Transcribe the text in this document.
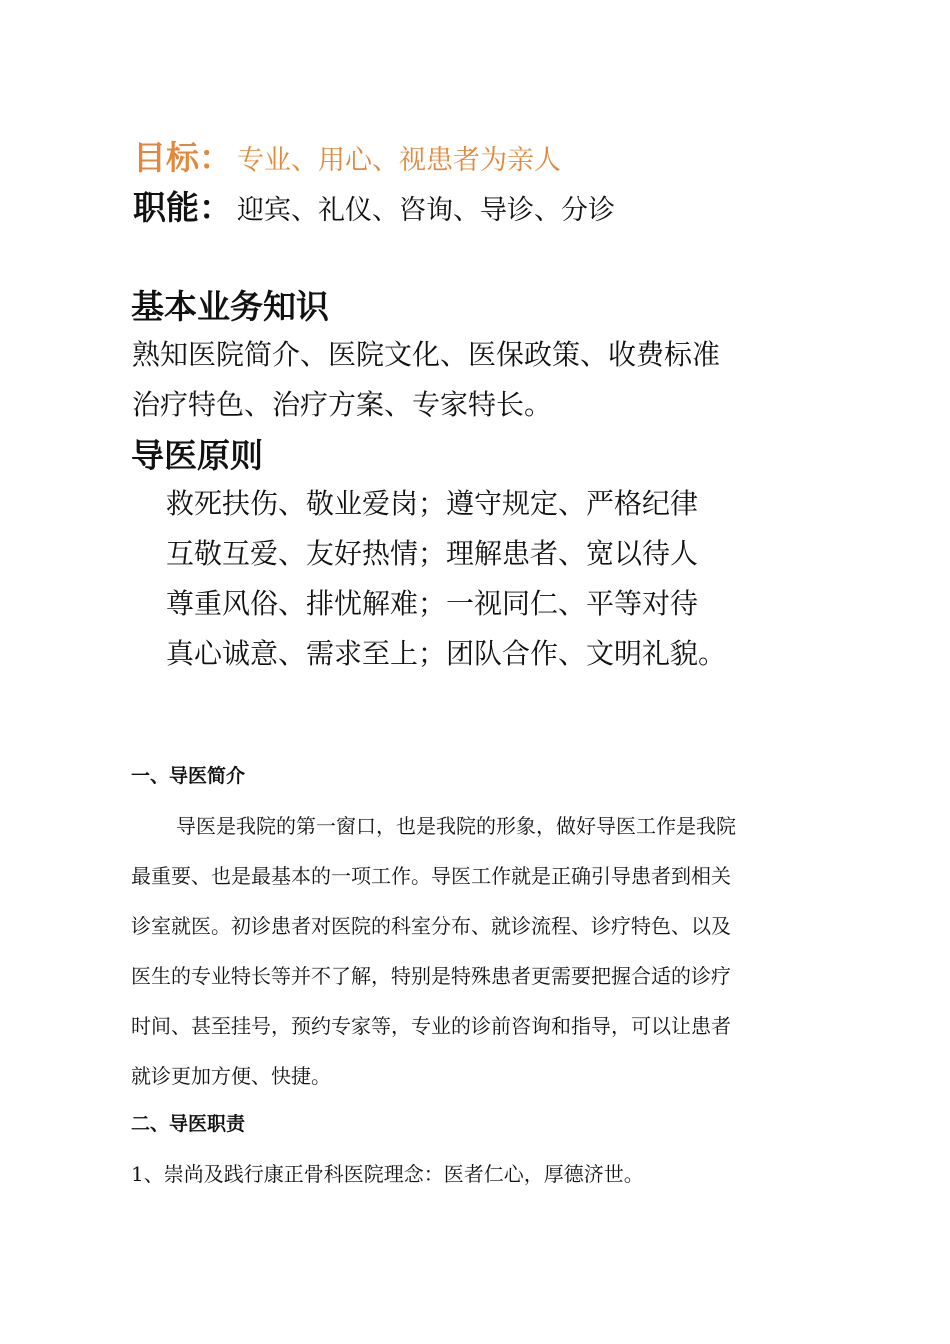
目标： 专业、用心、视患者为亲人
职能： 迎宾、礼仪、咨询、导诊、分诊
基本业务知识
熟知医院简介、医院文化、医保政策、收费标准
治疗特色、治疗方案、专家特长。
导医原则
救死扶伤、敬业爱岗；遵守规定、严格纪律
互敬互爱、友好热情；理解患者、宽以待人
尊重风俗、排忧解难；一视同仁、平等对待
真心诚意、需求至上；团队合作、文明礼貌。
一、导医简介
导医是我院的第一窗口，也是我院的形象，做好导医工作是我院
最重要、也是最基本的一项工作。导医工作就是正确引导患者到相关
诊室就医。初诊患者对医院的科室分布、就诊流程、诊疗特色、以及
医生的专业特长等并不了解，特别是特殊患者更需要把握合适的诊疗
时间、甚至挂号，预约专家等，专业的诊前咨询和指导，可以让患者
就诊更加方便、快捷。
二、导医职责
1、崇尚及践行康正骨科医院理念：医者仁心，厚德济世。
